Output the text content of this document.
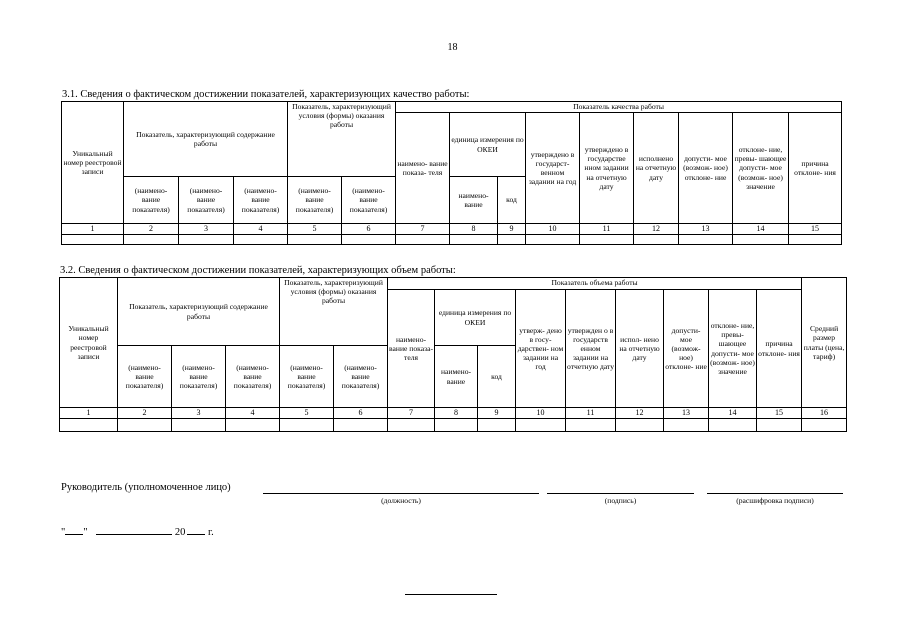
18
3.1. Сведения о фактическом достижении показателей, характеризующих качество работы:
Уникальный номер реестровой записи	Показатель, характеризующий содержание работы			Показатель, характеризующий условия (формы) оказания работы		Показатель качества работы								
						наимено- вание показа- теля	единица измерения по ОКЕИ		утверждено в государст- венном задании на год	утверждено в государстве нном задании на отчетную дату	исполнено на отчетную дату	допусти- мое (возмож- ное) отклоне- ние	отклоне- ние, превы- шающее допусти- мое (возмож- ное) значение	причина отклоне- ния
	(наимено- вание показателя)	(наимено- вание показателя)	(наимено- вание показателя)	(наимено- вание показателя)	(наимено- вание показателя)		наимено- вание	код						
1	2	3	4	5	6	7	8	9	10	11	12	13	14	15

3.2. Сведения о фактическом достижении показателей, характеризующих объем работы:
Уникальный номер реестровой записи	Показатель, характеризующий содержание работы			Показатель, характеризующий условия (формы) оказания работы		Показатель объема работы									Средний размер платы (цена, тариф)
						наимено- вание показа- теля	единица измерения по ОКЕИ		утверж- дено в госу- дарствен- ном задании на год	утвержден о в государств енном задании на отчетную дату	испол- нено на отчетную дату	допусти- мое (возмож- ное) отклоне- ние	отклоне- ние, превы- шающее допусти- мое (возмож- ное) значение	причина отклоне- ния	
	(наимено- вание показателя)	(наимено- вание показателя)	(наимено- вание показателя)	(наимено- вание показателя)	(наимено- вание показателя)		наимено- вание	код							
1	2	3	4	5	6	7	8	9	10	11	12	13	14	15	16

Руководитель (уполномоченное лицо)
(должность)	(подпись)	(расшифровка подписи)
" "	20 г.
